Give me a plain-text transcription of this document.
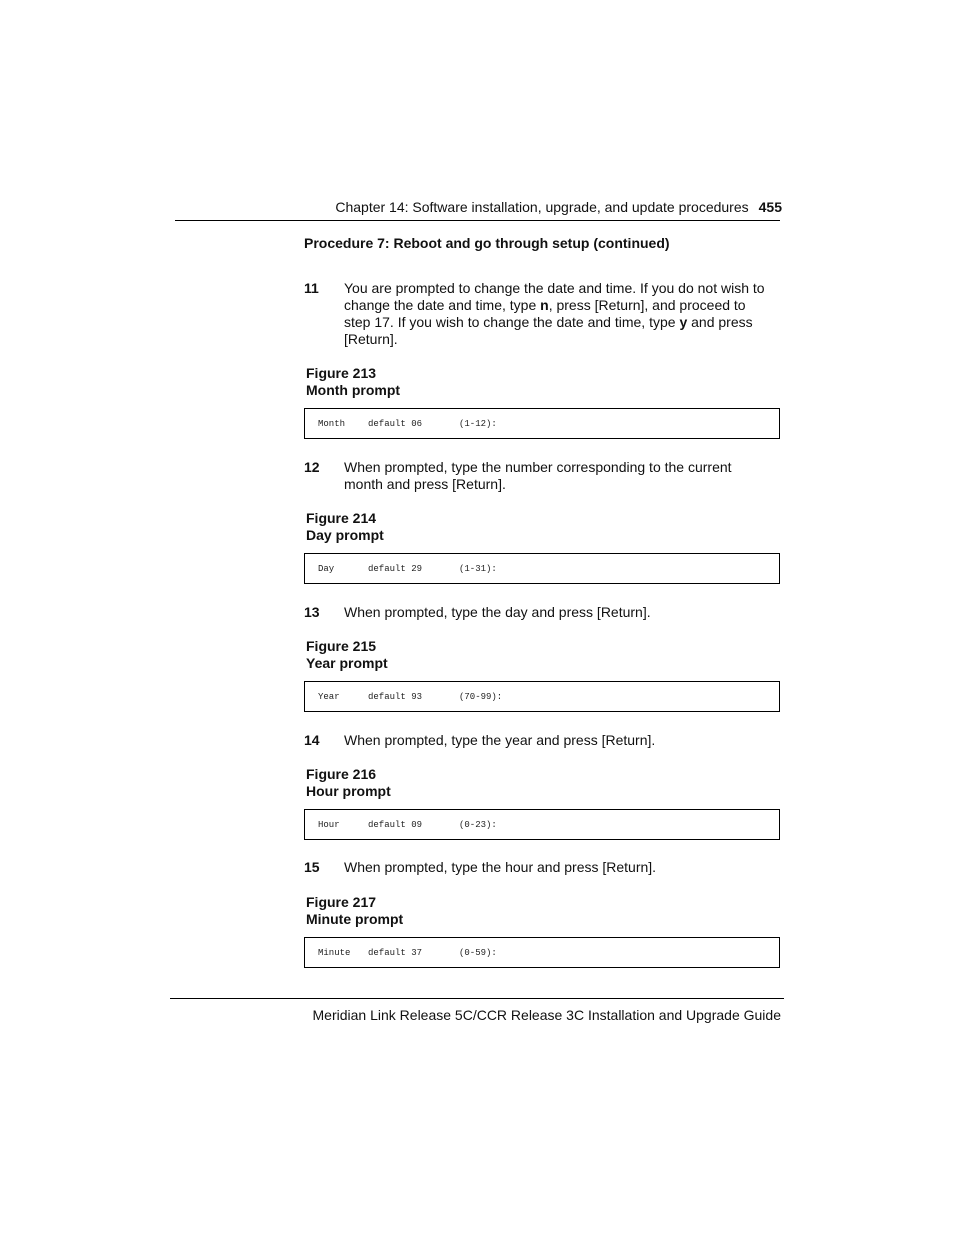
Chapter 14: Software installation, upgrade, and update procedures 455
Procedure 7: Reboot and go through setup (continued)
11 You are prompted to change the date and time. If you do not wish to change the date and time, type n, press [Return], and proceed to step 17. If you wish to change the date and time, type y and press [Return].
Figure 213
Month prompt
Month	default 06	(1-12):
12 When prompted, type the number corresponding to the current month and press [Return].
Figure 214
Day prompt
Day	default 29	(1-31):
13 When prompted, type the day and press [Return].
Figure 215
Year prompt
Year	default 93	(70-99):
14 When prompted, type the year and press [Return].
Figure 216
Hour prompt
Hour	default 09	(0-23):
15 When prompted, type the hour and press [Return].
Figure 217
Minute prompt
Minute default 37	(0-59):
Meridian Link Release 5C/CCR Release 3C Installation and Upgrade Guide
